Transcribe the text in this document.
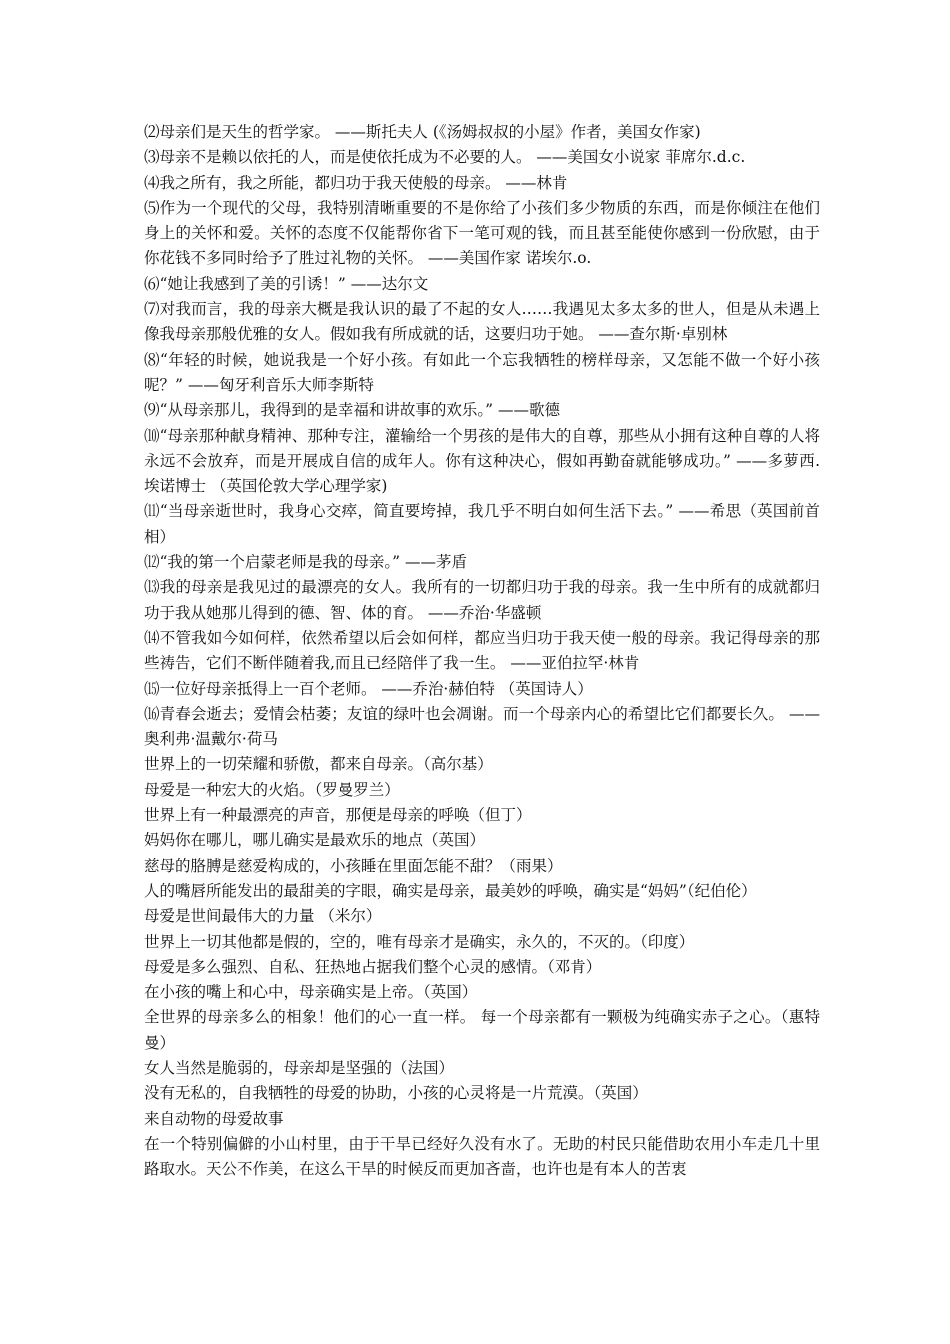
⑵母亲们是天生的哲学家。 ——斯托夫人 (《汤姆叔叔的小屋》作者，美国女作家)

⑶母亲不是赖以依托的人，而是使依托成为不必要的人。 ——美国女小说家 菲席尔.d.c.

⑷我之所有，我之所能，都归功于我天使般的母亲。 ——林肯

⑸作为一个现代的父母，我特别清晰重要的不是你给了小孩们多少物质的东西，而是你倾注在他们身上的关怀和爱。关怀的态度不仅能帮你省下一笔可观的钱，而且甚至能使你感到一份欣慰，由于你花钱不多同时给予了胜过礼物的关怀。 ——美国作家 诺埃尔.o.

⑹“她让我感到了美的引诱！” ——达尔文

⑺对我而言，我的母亲大概是我认识的最了不起的女人……我遇见太多太多的世人，但是从未遇上像我母亲那般优雅的女人。假如我有所成就的话，这要归功于她。 ——查尔斯·卓别林

⑻“年轻的时候，她说我是一个好小孩。有如此一个忘我牺牲的榜样母亲，又怎能不做一个好小孩呢？” ——匈牙利音乐大师李斯特

⑼“从母亲那儿，我得到的是幸福和讲故事的欢乐。” ——歌德

⑽“母亲那种献身精神、那种专注，灌输给一个男孩的是伟大的自尊，那些从小拥有这种自尊的人将永远不会放弃，而是开展成自信的成年人。你有这种决心，假如再勤奋就能够成功。” ——多萝西.埃诺博士 （英国伦敦大学心理学家)

⑾“当母亲逝世时，我身心交瘁，简直要垮掉，我几乎不明白如何生活下去。” ——希思（英国前首相）

⑿“我的第一个启蒙老师是我的母亲。” ——茅盾

⒀我的母亲是我见过的最漂亮的女人。我所有的一切都归功于我的母亲。我一生中所有的成就都归功于我从她那儿得到的德、智、体的育。 ——乔治·华盛顿

⒁不管我如今如何样，依然希望以后会如何样，都应当归功于我天使一般的母亲。我记得母亲的那些祷告，它们不断伴随着我,而且已经陪伴了我一生。 ——亚伯拉罕·林肯

⒂一位好母亲抵得上一百个老师。 ——乔治·赫伯特 （英国诗人）

⒃青春会逝去；爱情会枯萎；友谊的绿叶也会凋谢。而一个母亲内心的希望比它们都要长久。 ——奥利弗·温戴尔·荷马

世界上的一切荣耀和骄傲，都来自母亲。（高尔基）

母爱是一种宏大的火焰。（罗曼罗兰）

世界上有一种最漂亮的声音，那便是母亲的呼唤（但丁）

妈妈你在哪儿，哪儿确实是最欢乐的地点（英国）

慈母的胳膊是慈爱构成的，小孩睡在里面怎能不甜？（雨果）

人的嘴唇所能发出的最甜美的字眼，确实是母亲，最美妙的呼唤，确实是“妈妈”（纪伯伦）

母爱是世间最伟大的力量 （米尔）

世界上一切其他都是假的，空的，唯有母亲才是确实，永久的，不灭的。（印度）

母爱是多么强烈、自私、狂热地占据我们整个心灵的感情。（邓肯）

在小孩的嘴上和心中，母亲确实是上帝。（英国）

全世界的母亲多么的相象！他们的心一直一样。 每一个母亲都有一颗极为纯确实赤子之心。（惠特曼）

女人当然是脆弱的，母亲却是坚强的（法国）

没有无私的，自我牺牲的母爱的协助，小孩的心灵将是一片荒漠。（英国）

来自动物的母爱故事

在一个特别偏僻的小山村里，由于干旱已经好久没有水了。无助的村民只能借助农用小车走几十里路取水。天公不作美，在这么干旱的时候反而更加吝啬，也许也是有本人的苦衷
